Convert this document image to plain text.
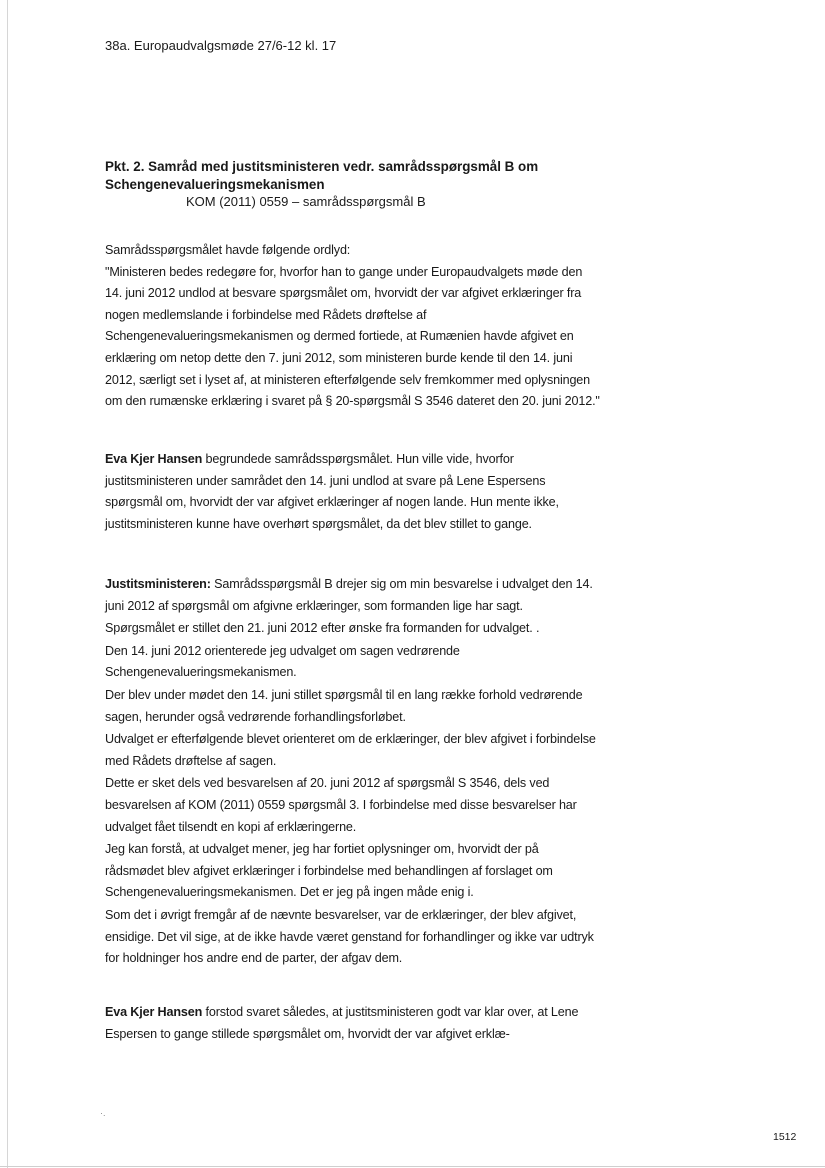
38a. Europaudvalgsmøde 27/6-12 kl. 17
Pkt. 2. Samråd med justitsministeren vedr. samrådsspørgsmål B om Schengenevalueringsmekanismen
KOM (2011) 0559 – samrådsspørgsmål B

Samrådsspørgsmålet havde følgende ordlyd:

"Ministeren bedes redegøre for, hvorfor han to gange under Europaudvalgets møde den 14. juni 2012 undlod at besvare spørgsmålet om, hvorvidt der var afgivet erklæringer fra nogen medlemslande i forbindelse med Rådets drøftelse af Schengenevalueringsmekanismen og dermed fortiede, at Rumænien havde afgivet en erklæring om netop dette den 7. juni 2012, som ministeren burde kende til den 14. juni 2012, særligt set i lyset af, at ministeren efterfølgende selv fremkommer med oplysningen om den rumænske erklæring i svaret på § 20-spørgsmål S 3546 dateret den 20. juni 2012."

Eva Kjer Hansen begrundede samrådsspørgsmålet. Hun ville vide, hvorfor justitsministeren under samrådet den 14. juni undlod at svare på Lene Espersens spørgsmål om, hvorvidt der var afgivet erklæringer af nogen lande. Hun mente ikke, justitsministeren kunne have overhørt spørgsmålet, da det blev stillet to gange.

Justitsministeren: Samrådsspørgsmål B drejer sig om min besvarelse i udvalget den 14. juni 2012 af spørgsmål om afgivne erklæringer, som formanden lige har sagt.

Spørgsmålet er stillet den 21. juni 2012 efter ønske fra formanden for udvalget. .

Den 14. juni 2012 orienterede jeg udvalget om sagen vedrørende Schengenevalueringsmekanismen.

Der blev under mødet den 14. juni stillet spørgsmål til en lang række forhold vedrørende sagen, herunder også vedrørende forhandlingsforløbet.

Udvalget er efterfølgende blevet orienteret om de erklæringer, der blev afgivet i forbindelse med Rådets drøftelse af sagen.

Dette er sket dels ved besvarelsen af 20. juni 2012 af spørgsmål S 3546, dels ved besvarelsen af KOM (2011) 0559 spørgsmål 3. I forbindelse med disse besvarelser har udvalget fået tilsendt en kopi af erklæringerne.

Jeg kan forstå, at udvalget mener, jeg har fortiet oplysninger om, hvorvidt der på rådsmødet blev afgivet erklæringer i forbindelse med behandlingen af forslaget om Schengenevalueringsmekanismen. Det er jeg på ingen måde enig i.

Som det i øvrigt fremgår af de nævnte besvarelser, var de erklæringer, der blev afgivet, ensidige. Det vil sige, at de ikke havde været genstand for forhandlinger og ikke var udtryk for holdninger hos andre end de parter, der afgav dem.

Eva Kjer Hansen forstod svaret således, at justitsministeren godt var klar over, at Lene Espersen to gange stillede spørgsmålet om, hvorvidt der var afgivet erklæ-

·.
1512
